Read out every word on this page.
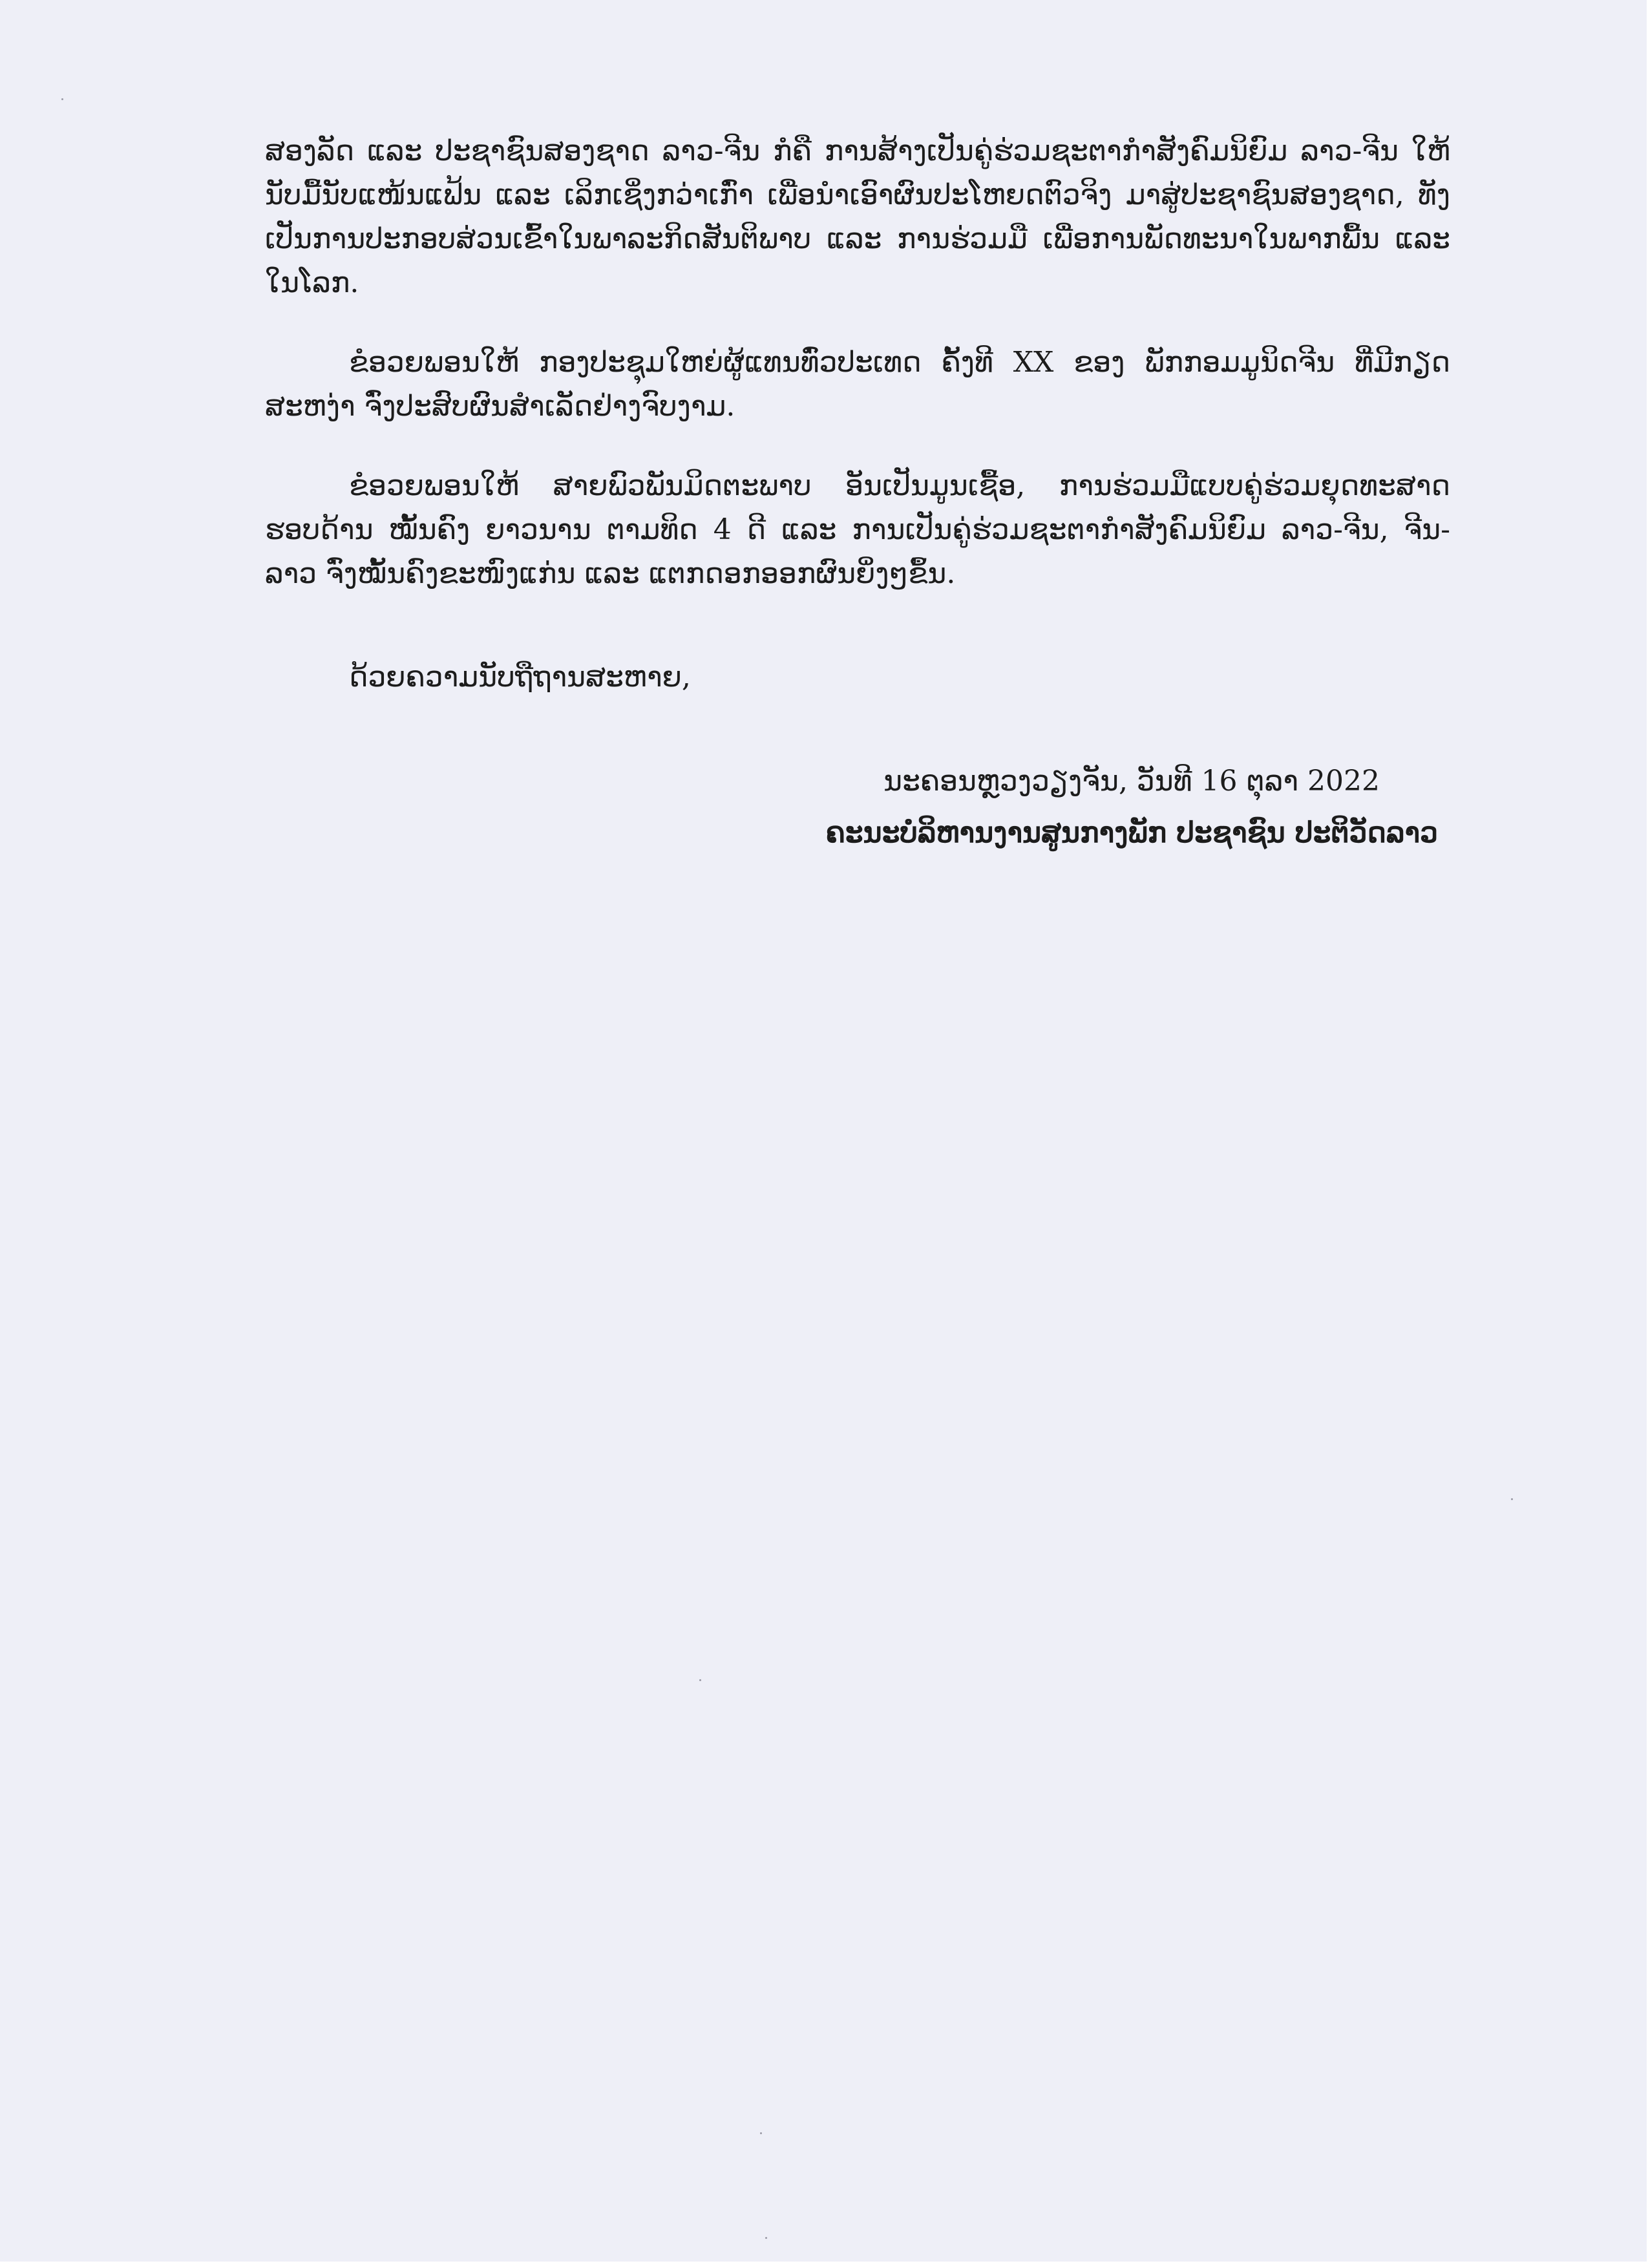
ສອງລັດ ແລະ ປະຊາຊົນສອງຊາດ ລາວ-ຈີນ ກໍຄື ການສ້າງເປັນຄູ່ຮ່ວມຊະຕາກຳສັງຄົມນິຍົມ ລາວ-ຈີນ ໃຫ້
ນັບມື້ນັບແໜ້ນແຟ້ນ ແລະ ເລິກເຊິ່ງກວ່າເກົ່າ ເພື່ອນຳເອົາຜົນປະໂຫຍດຕົວຈິງ ມາສູ່ປະຊາຊົນສອງຊາດ, ທັງ
ເປັນການປະກອບສ່ວນເຂົ້າໃນພາລະກິດສັນຕິພາບ ແລະ ການຮ່ວມມື ເພື່ອການພັດທະນາໃນພາກພື້ນ ແລະ
ໃນໂລກ.
ຂໍອວຍພອນໃຫ້ ກອງປະຊຸມໃຫຍ່ຜູ້ແທນທົ່ວປະເທດ ຄັ້ງທີ XX ຂອງ ພັກກອມມູນິດຈີນ ທີ່ມີກຽດ
ສະຫງ່າ ຈົ່ງປະສົບຜົນສຳເລັດຢ່າງຈົບງາມ.
ຂໍອວຍພອນໃຫ້ ສາຍພົວພັນມິດຕະພາບ ອັນເປັນມູນເຊື້ອ, ການຮ່ວມມືແບບຄູ່ຮ່ວມຍຸດທະສາດ
ຮອບດ້ານ ໝັ້ນຄົງ ຍາວນານ ຕາມທິດ 4 ດີ ແລະ ການເປັນຄູ່ຮ່ວມຊະຕາກຳສັງຄົມນິຍົມ ລາວ-ຈີນ, ຈີນ-
ລາວ ຈົ່ງໝັ້ນຄົງຂະໜົງແກ່ນ ແລະ ແຕກດອກອອກຜົນຍິ່ງໆຂຶ້ນ.
ດ້ວຍຄວາມນັບຖືຖານສະຫາຍ,
ນະຄອນຫຼວງວຽງຈັນ, ວັນທີ 16 ຕຸລາ 2022
ຄະນະບໍລິຫານງານສູນກາງພັກ ປະຊາຊົນ ປະຕິວັດລາວ
